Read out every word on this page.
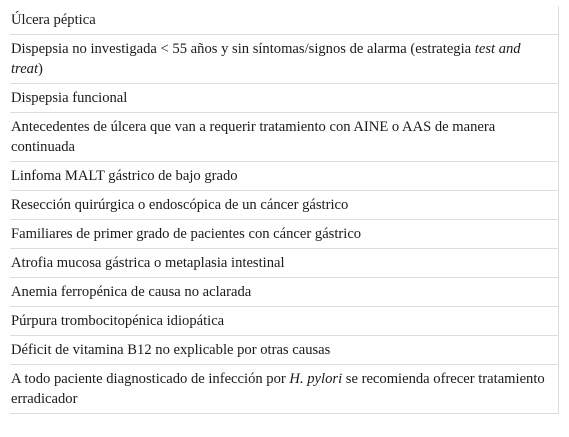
Úlcera péptica
Dispepsia no investigada < 55 años y sin síntomas/signos de alarma (estrategia test and treat)
Dispepsia funcional
Antecedentes de úlcera que van a requerir tratamiento con AINE o AAS de manera continuada
Linfoma MALT gástrico de bajo grado
Resección quirúrgica o endoscópica de un cáncer gástrico
Familiares de primer grado de pacientes con cáncer gástrico
Atrofia mucosa gástrica o metaplasia intestinal
Anemia ferropénica de causa no aclarada
Púrpura trombocitopénica idiopática
Déficit de vitamina B12 no explicable por otras causas
A todo paciente diagnosticado de infección por H. pylori se recomienda ofrecer tratamiento erradicador
